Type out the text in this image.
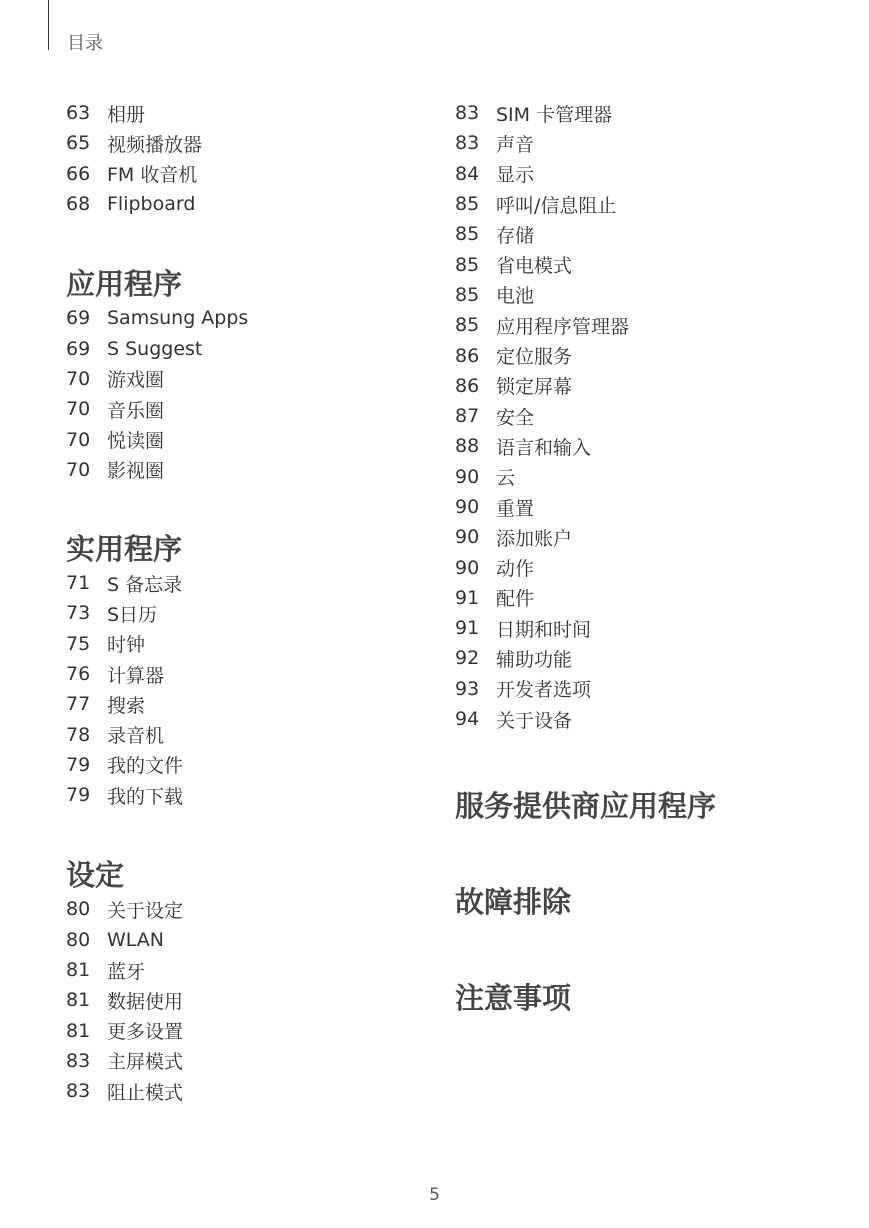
目录
63 相册
65 视频播放器
66 FM 收音机
68 Flipboard
应用程序
69 Samsung Apps
69 S Suggest
70 游戏圈
70 音乐圈
70 悦读圈
70 影视圈
实用程序
71 S 备忘录
73 S日历
75 时钟
76 计算器
77 搜索
78 录音机
79 我的文件
79 我的下载
设定
80 关于设定
80 WLAN
81 蓝牙
81 数据使用
81 更多设置
83 主屏模式
83 阻止模式
83 SIM 卡管理器
83 声音
84 显示
85 呼叫/信息阻止
85 存储
85 省电模式
85 电池
85 应用程序管理器
86 定位服务
86 锁定屏幕
87 安全
88 语言和输入
90 云
90 重置
90 添加账户
90 动作
91 配件
91 日期和时间
92 辅助功能
93 开发者选项
94 关于设备
服务提供商应用程序
故障排除
注意事项
5
